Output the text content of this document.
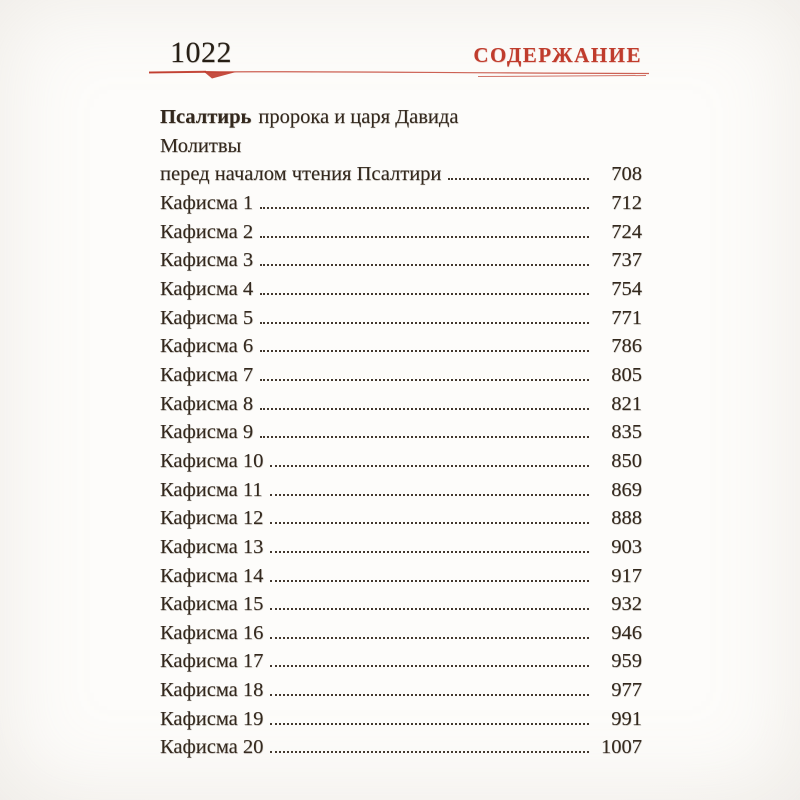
1022	СОДЕРЖАНИЕ
Псалтирь пророка и царя Давида
Молитвы
перед началом чтения Псалтири	708
Кафисма 1	712
Кафисма 2	724
Кафисма 3	737
Кафисма 4	754
Кафисма 5	771
Кафисма 6	786
Кафисма 7	805
Кафисма 8	821
Кафисма 9	835
Кафисма 10	850
Кафисма 11	869
Кафисма 12	888
Кафисма 13	903
Кафисма 14	917
Кафисма 15	932
Кафисма 16	946
Кафисма 17	959
Кафисма 18	977
Кафисма 19	991
Кафисма 20	1007
